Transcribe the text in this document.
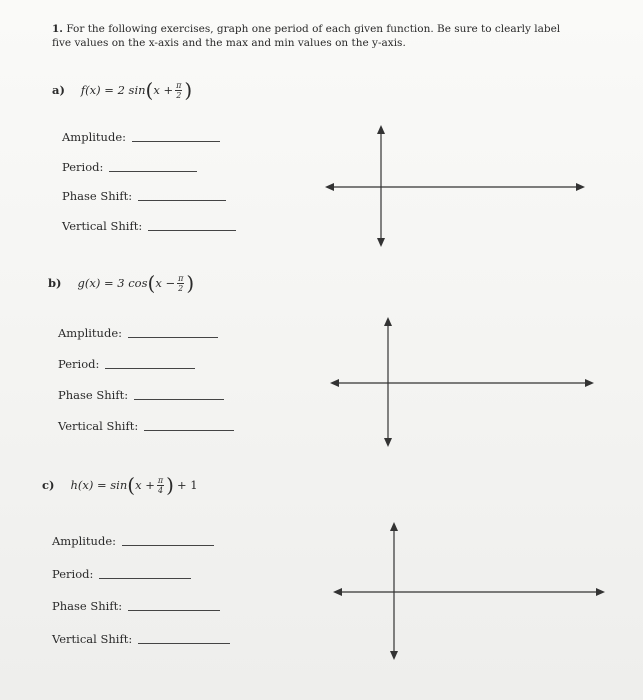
1. For the following exercises, graph one period of each given function. Be sure to clearly label five values on the x-axis and the max and min values on the y-axis.
a) f(x) = 2 sin ( $x + \frac{\pi}{2}$ )
Amplitude:
Period:
Phase Shift:
Vertical Shift:
b) g(x) = 3 cos ( $x - \frac{\pi}{2}$ )
Amplitude:
Period:
Phase Shift:
Vertical Shift:
c) h(x) = sin ( $x + \frac{\pi}{4}$ ) + 1
Amplitude:
Period:
Phase Shift:
Vertical Shift:
